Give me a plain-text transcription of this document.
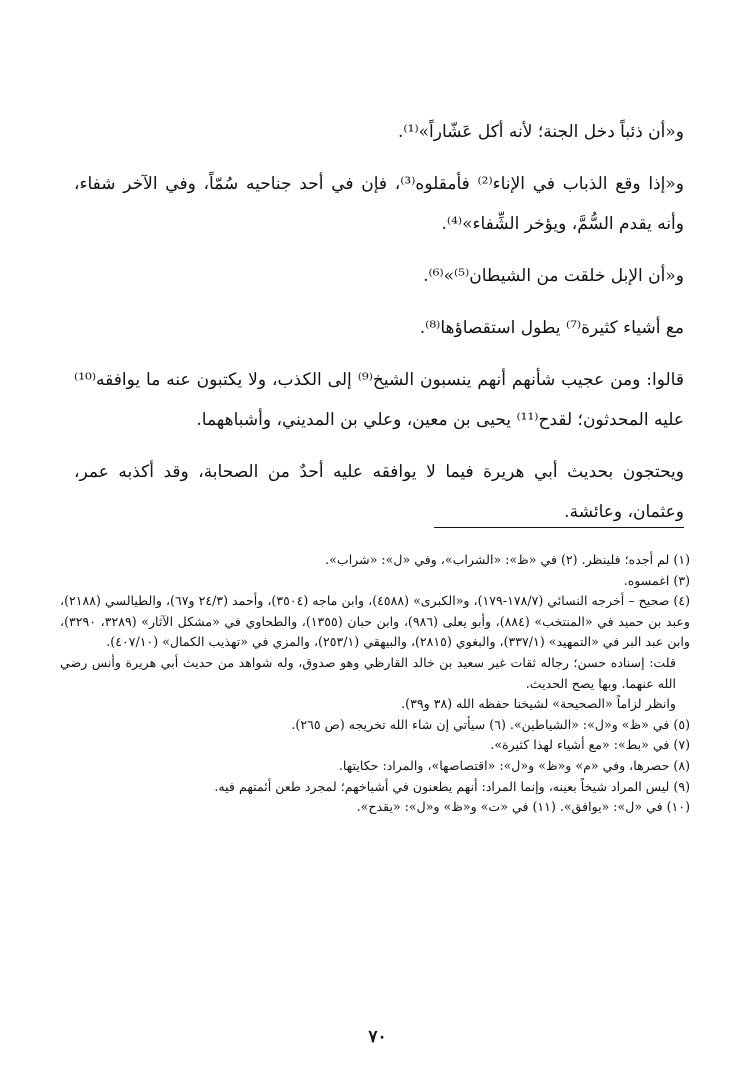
و«أن ذئباً دخل الجنة؛ لأنه أكل عَشّاراً»⁽¹⁾.

و«إذا وقع الذباب في الإناء⁽²⁾ فأمقلوه⁽³⁾، فإن في أحد جناحيه سُمّاً، وفي الآخر شفاء، وأنه يقدم السُّمَّ، ويؤخر الشِّفاء»⁽⁴⁾.

و«أن الإبل خلقت من الشيطان⁽⁵⁾»⁽⁶⁾.

مع أشياء كثيرة⁽⁷⁾ يطول استقصاؤها⁽⁸⁾.

قالوا: ومن عجيب شأنهم أنهم ينسبون الشيخ⁽⁹⁾ إلى الكذب، ولا يكتبون عنه ما يوافقه⁽¹⁰⁾ عليه المحدثون؛ لقدح⁽¹¹⁾ يحيى بن معين، وعلي بن المديني، وأشباههما.

ويحتجون بحديث أبي هريرة فيما لا يوافقه عليه أحدٌ من الصحابة، وقد أكذبه عمر، وعثمان، وعائشة.

(١) لم أجده؛ فلينظر. (٢) في «ظ»: «الشراب»، وفي «ل»: «شراب».
(٣) اغمسوه.
(٤) صحيح – أخرجه النسائي (١٧٨/٧-١٧٩)، و«الكبرى» (٤٥٨٨)، وابن ماجه (٣٥٠٤)، وأحمد (٢٤/٣ و٦٧)، والطيالسي (٢١٨٨)، وعبد بن حميد في «المنتخب» (٨٨٤)، وأبو يعلى (٩٨٦)، وابن حبان (١٣٥٥)، والطحاوي في «مشكل الآثار» (٣٢٨٩، ٣٢٩٠)، وابن عبد البر في «التمهيد» (٣٣٧/١)، والبغوي (٢٨١٥)، والبيهقي (٢٥٣/١)، والمزي في «تهذيب الكمال» (٤٠٧/١٠).
قلت: إسناده حسن؛ رجاله ثقات غير سعيد بن خالد القارظي وهو صدوق، وله شواهد من حديث أبي هريرة وأنس رضي الله عنهما. وبها يصح الحديث.
وانظر لزاماً «الصحيحة» لشيخنا حفظه الله (٣٨ و٣٩).
(٥) في «ظ» و«ل»: «الشياطين». (٦) سيأتي إن شاء الله تخريجه (ص ٢٦٥).
(٧) في «بط»: «مع أشياء لهذا كثيرة».
(٨) حصرها، وفي «م» و«ظ» و«ل»: «اقتصاصها»، والمراد: حكايتها.
(٩) ليس المراد شيخاً بعينه، وإنما المراد: أنهم يطعنون في أشياخهم؛ لمجرد طعن أئمتهم فيه.
(١٠) في «ل»: «يوافق». (١١) في «ت» و«ظ» و«ل»: «يقدح».
٧٠
